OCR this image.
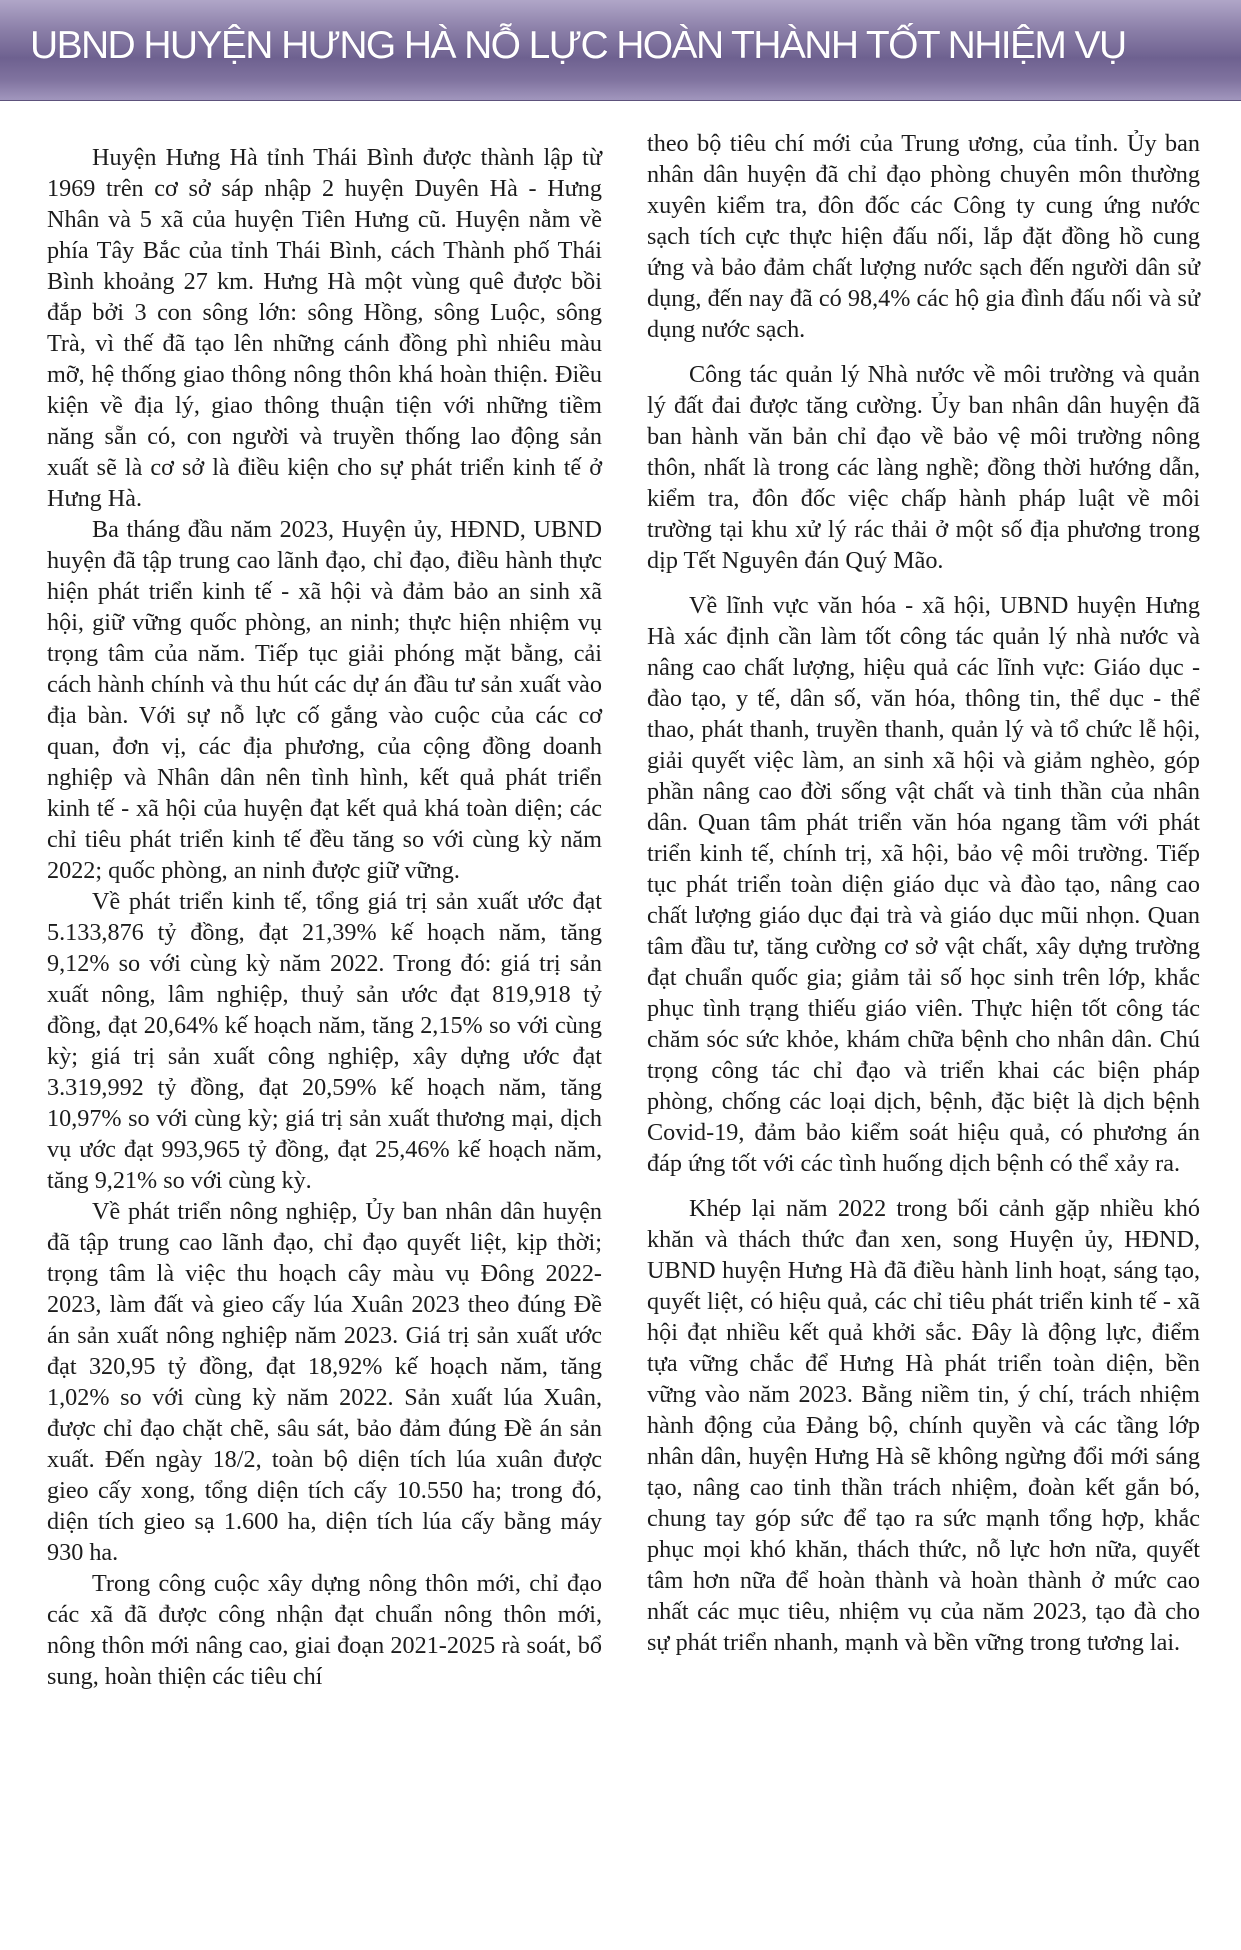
UBND HUYỆN HƯNG HÀ NỖ LỰC HOÀN THÀNH TỐT NHIỆM VỤ

Huyện Hưng Hà tỉnh Thái Bình được thành lập từ 1969 trên cơ sở sáp nhập 2 huyện Duyên Hà - Hưng Nhân và 5 xã của huyện Tiên Hưng cũ. Huyện nằm về phía Tây Bắc của tỉnh Thái Bình, cách Thành phố Thái Bình khoảng 27 km. Hưng Hà một vùng quê được bồi đắp bởi 3 con sông lớn: sông Hồng, sông Luộc, sông Trà, vì thế đã tạo lên những cánh đồng phì nhiêu màu mỡ, hệ thống giao thông nông thôn khá hoàn thiện. Điều kiện về địa lý, giao thông thuận tiện với những tiềm năng sẵn có, con người và truyền thống lao động sản xuất sẽ là cơ sở là điều kiện cho sự phát triển kinh tế ở Hưng Hà.

Ba tháng đầu năm 2023, Huyện ủy, HĐND, UBND huyện đã tập trung cao lãnh đạo, chỉ đạo, điều hành thực hiện phát triển kinh tế - xã hội và đảm bảo an sinh xã hội, giữ vững quốc phòng, an ninh; thực hiện nhiệm vụ trọng tâm của năm. Tiếp tục giải phóng mặt bằng, cải cách hành chính và thu hút các dự án đầu tư sản xuất vào địa bàn. Với sự nỗ lực cố gắng vào cuộc của các cơ quan, đơn vị, các địa phương, của cộng đồng doanh nghiệp và Nhân dân nên tình hình, kết quả phát triển kinh tế - xã hội của huyện đạt kết quả khá toàn diện; các chỉ tiêu phát triển kinh tế đều tăng so với cùng kỳ năm 2022; quốc phòng, an ninh được giữ vững.

Về phát triển kinh tế, tổng giá trị sản xuất ước đạt 5.133,876 tỷ đồng, đạt 21,39% kế hoạch năm, tăng 9,12% so với cùng kỳ năm 2022. Trong đó: giá trị sản xuất nông, lâm nghiệp, thuỷ sản ước đạt 819,918 tỷ đồng, đạt 20,64% kế hoạch năm, tăng 2,15% so với cùng kỳ; giá trị sản xuất công nghiệp, xây dựng ước đạt 3.319,992 tỷ đồng, đạt 20,59% kế hoạch năm, tăng 10,97% so với cùng kỳ; giá trị sản xuất thương mại, dịch vụ ước đạt 993,965 tỷ đồng, đạt 25,46% kế hoạch năm, tăng 9,21% so với cùng kỳ.

Về phát triển nông nghiệp, Ủy ban nhân dân huyện đã tập trung cao lãnh đạo, chỉ đạo quyết liệt, kịp thời; trọng tâm là việc thu hoạch cây màu vụ Đông 2022-2023, làm đất và gieo cấy lúa Xuân 2023 theo đúng Đề án sản xuất nông nghiệp năm 2023. Giá trị sản xuất ước đạt 320,95 tỷ đồng, đạt 18,92% kế hoạch năm, tăng 1,02% so với cùng kỳ năm 2022. Sản xuất lúa Xuân, được chỉ đạo chặt chẽ, sâu sát, bảo đảm đúng Đề án sản xuất. Đến ngày 18/2, toàn bộ diện tích lúa xuân được gieo cấy xong, tổng diện tích cấy 10.550 ha; trong đó, diện tích gieo sạ 1.600 ha, diện tích lúa cấy bằng máy 930 ha.

Trong công cuộc xây dựng nông thôn mới, chỉ đạo các xã đã được công nhận đạt chuẩn nông thôn mới, nông thôn mới nâng cao, giai đoạn 2021-2025 rà soát, bổ sung, hoàn thiện các tiêu chí

theo bộ tiêu chí mới của Trung ương, của tỉnh. Ủy ban nhân dân huyện đã chỉ đạo phòng chuyên môn thường xuyên kiểm tra, đôn đốc các Công ty cung ứng nước sạch tích cực thực hiện đấu nối, lắp đặt đồng hồ cung ứng và bảo đảm chất lượng nước sạch đến người dân sử dụng, đến nay đã có 98,4% các hộ gia đình đấu nối và sử dụng nước sạch.

Công tác quản lý Nhà nước về môi trường và quản lý đất đai được tăng cường. Ủy ban nhân dân huyện đã ban hành văn bản chỉ đạo về bảo vệ môi trường nông thôn, nhất là trong các làng nghề; đồng thời hướng dẫn, kiểm tra, đôn đốc việc chấp hành pháp luật về môi trường tại khu xử lý rác thải ở một số địa phương trong dịp Tết Nguyên đán Quý Mão.

Về lĩnh vực văn hóa - xã hội, UBND huyện Hưng Hà xác định cần làm tốt công tác quản lý nhà nước và nâng cao chất lượng, hiệu quả các lĩnh vực: Giáo dục - đào tạo, y tế, dân số, văn hóa, thông tin, thể dục - thể thao, phát thanh, truyền thanh, quản lý và tổ chức lễ hội, giải quyết việc làm, an sinh xã hội và giảm nghèo, góp phần nâng cao đời sống vật chất và tinh thần của nhân dân. Quan tâm phát triển văn hóa ngang tầm với phát triển kinh tế, chính trị, xã hội, bảo vệ môi trường. Tiếp tục phát triển toàn diện giáo dục và đào tạo, nâng cao chất lượng giáo dục đại trà và giáo dục mũi nhọn. Quan tâm đầu tư, tăng cường cơ sở vật chất, xây dựng trường đạt chuẩn quốc gia; giảm tải số học sinh trên lớp, khắc phục tình trạng thiếu giáo viên. Thực hiện tốt công tác chăm sóc sức khỏe, khám chữa bệnh cho nhân dân. Chú trọng công tác chỉ đạo và triển khai các biện pháp phòng, chống các loại dịch, bệnh, đặc biệt là dịch bệnh Covid-19, đảm bảo kiểm soát hiệu quả, có phương án đáp ứng tốt với các tình huống dịch bệnh có thể xảy ra.

Khép lại năm 2022 trong bối cảnh gặp nhiều khó khăn và thách thức đan xen, song Huyện ủy, HĐND, UBND huyện Hưng Hà đã điều hành linh hoạt, sáng tạo, quyết liệt, có hiệu quả, các chỉ tiêu phát triển kinh tế - xã hội đạt nhiều kết quả khởi sắc. Đây là động lực, điểm tựa vững chắc để Hưng Hà phát triển toàn diện, bền vững vào năm 2023. Bằng niềm tin, ý chí, trách nhiệm hành động của Đảng bộ, chính quyền và các tầng lớp nhân dân, huyện Hưng Hà sẽ không ngừng đổi mới sáng tạo, nâng cao tinh thần trách nhiệm, đoàn kết gắn bó, chung tay góp sức để tạo ra sức mạnh tổng hợp, khắc phục mọi khó khăn, thách thức, nỗ lực hơn nữa, quyết tâm hơn nữa để hoàn thành và hoàn thành ở mức cao nhất các mục tiêu, nhiệm vụ của năm 2023, tạo đà cho sự phát triển nhanh, mạnh và bền vững trong tương lai.
